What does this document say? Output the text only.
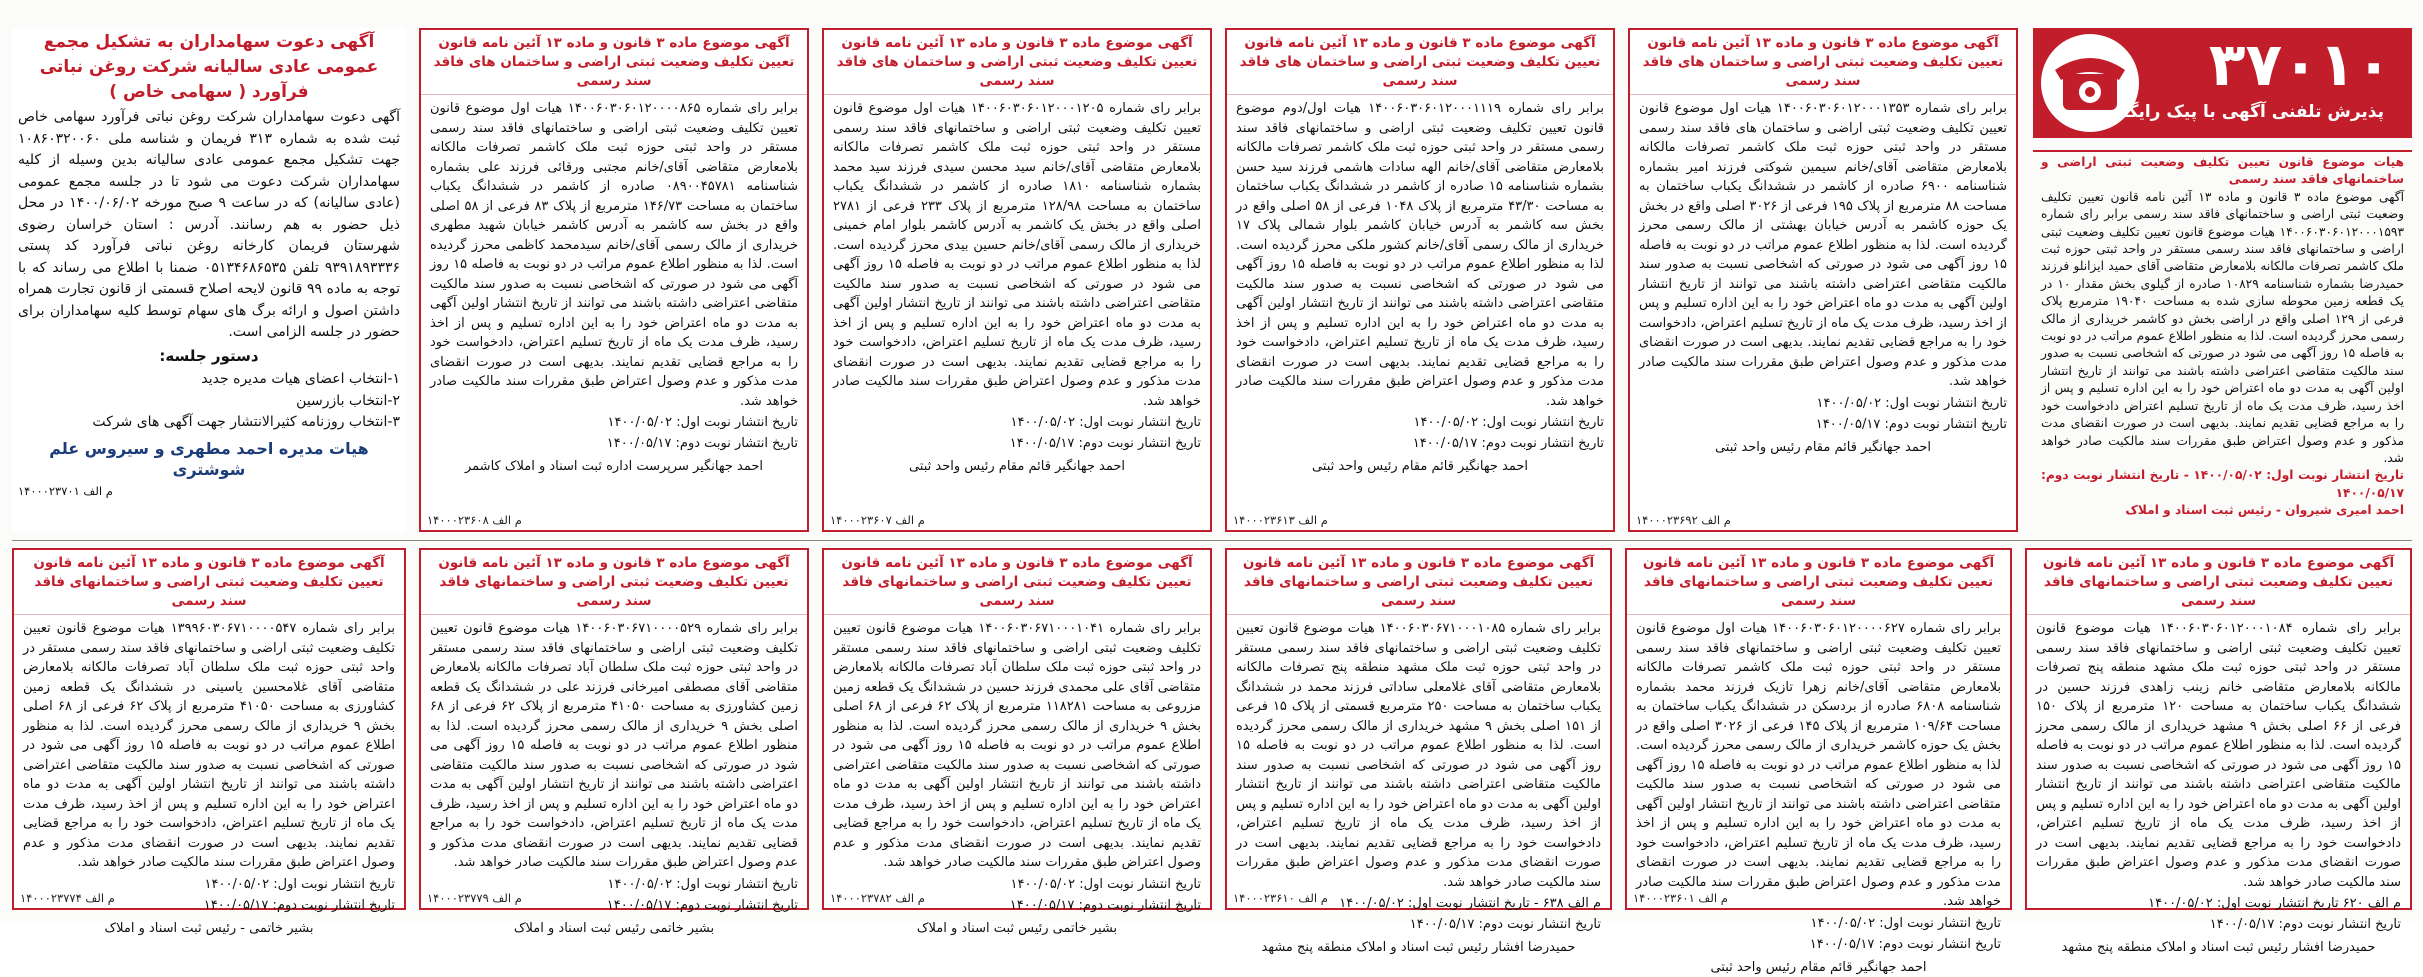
۳۷۰۱۰
پذیرش تلفنی آگهی با پیک رایگان

هیات موضوع قانون تعیین تکلیف وضعیت ثبتی اراضی و ساختمانهای فاقد سند رسمی

آگهی موضوع ماده ۳ قانون و ماده ۱۳ آئین نامه قانون تعیین تکلیف وضعیت ثبتی اراضی و ساختمانهای فاقد سند رسمی برابر رای شماره ۱۴۰۰۶۰۳۰۶۰۱۲۰۰۰۱۵۹۳ هیات موضوع قانون تعیین تکلیف وضعیت ثبتی اراضی و ساختمانهای فاقد سند رسمی مستقر در واحد ثبتی حوزه ثبت ملک کاشمر تصرفات مالکانه بلامعارض متقاضی آقای حمید ایزانلو فرزند حمیدرضا بشماره شناسنامه ۱۰۸۲۹ صادره از گیلوی بخش مقدار ۱۰ در یک قطعه زمین محوطه سازی شده به مساحت ۱۹۰۴۰ مترمربع پلاک فرعی از ۱۲۹ اصلی واقع در اراضی بخش دو کاشمر خریداری از مالک رسمی محرز گردیده است. لذا به منظور اطلاع عموم مراتب در دو نوبت به فاصله ۱۵ روز آگهی می شود در صورتی که اشخاصی نسبت به صدور سند مالکیت متقاضی اعتراضی داشته باشند می توانند از تاریخ انتشار اولین آگهی به مدت دو ماه اعتراض خود را به این اداره تسلیم و پس از اخذ رسید، ظرف مدت یک ماه از تاریخ تسلیم اعتراض دادخواست خود را به مراجع قضایی تقدیم نمایند. بدیهی است در صورت انقضای مدت مذکور و عدم وصول اعتراض طبق مقررات سند مالکیت صادر خواهد شد.

تاریخ انتشار نوبت اول: ۱۴۰۰/۰۵/۰۲ - تاریخ انتشار نوبت دوم: ۱۴۰۰/۰۵/۱۷

احمد امیری شیروان - رئیس ثبت اسناد و املاک

آگهی موضوع ماده ۳ قانون و ماده ۱۳ آئین نامه قانون تعیین تکلیف وضعیت ثبتی اراضی و ساختمان های فاقد سند رسمی
برابر رای شماره ۱۴۰۰۶۰۳۰۶۰۱۲۰۰۰۱۳۵۳ هیات اول موضوع قانون تعیین تکلیف وضعیت ثبتی اراضی و ساختمان های فاقد سند رسمی مستقر در واحد ثبتی حوزه ثبت ملک کاشمر تصرفات مالکانه بلامعارض متقاضی آقای/خانم سیمین شوکتی فرزند امیر بشماره شناسنامه ۶۹۰۰ صادره از کاشمر در ششدانگ یکباب ساختمان به مساحت ۸۸ مترمربع از پلاک ۱۹۵ فرعی از ۳۰۲۶ اصلی واقع در بخش یک حوزه کاشمر به آدرس خیابان بهشتی از مالک رسمی محرز گردیده است. لذا به منظور اطلاع عموم مراتب در دو نوبت به فاصله ۱۵ روز آگهی می شود در صورتی که اشخاصی نسبت به صدور سند مالکیت متقاضی اعتراضی داشته باشند می توانند از تاریخ انتشار اولین آگهی به مدت دو ماه اعتراض خود را به این اداره تسلیم و پس از اخذ رسید، ظرف مدت یک ماه از تاریخ تسلیم اعتراض، دادخواست خود را به مراجع قضایی تقدیم نمایند. بدیهی است در صورت انقضای مدت مذکور و عدم وصول اعتراض طبق مقررات سند مالکیت صادر خواهد شد.
تاریخ انتشار نوبت اول: ۱۴۰۰/۰۵/۰۲
تاریخ انتشار نوبت دوم: ۱۴۰۰/۰۵/۱۷
احمد جهانگیر قائم مقام رئیس واحد ثبتی
م الف ۱۴۰۰۰۲۳۶۹۲
آگهی موضوع ماده ۳ قانون و ماده ۱۳ آئین نامه قانون تعیین تکلیف وضعیت ثبتی اراضی و ساختمان های فاقد سند رسمی
برابر رای شماره ۱۴۰۰۶۰۳۰۶۰۱۲۰۰۰۱۱۱۹ هیات اول/دوم موضوع قانون تعیین تکلیف وضعیت ثبتی اراضی و ساختمانهای فاقد سند رسمی مستقر در واحد ثبتی حوزه ثبت ملک کاشمر تصرفات مالکانه بلامعارض متقاضی آقای/خانم الهه سادات هاشمی فرزند سید حسن بشماره شناسنامه ۱۵ صادره از کاشمر در ششدانگ یکباب ساختمان به مساحت ۴۳/۳۰ مترمربع از پلاک ۱۰۴۸ فرعی از ۵۸ اصلی واقع در بخش سه کاشمر به آدرس خیابان کاشمر بلوار شمالی پلاک ۱۷ خریداری از مالک رسمی آقای/خانم کشور ملکی محرز گردیده است. لذا به منظور اطلاع عموم مراتب در دو نوبت به فاصله ۱۵ روز آگهی می شود در صورتی که اشخاصی نسبت به صدور سند مالکیت متقاضی اعتراضی داشته باشند می توانند از تاریخ انتشار اولین آگهی به مدت دو ماه اعتراض خود را به این اداره تسلیم و پس از اخذ رسید، ظرف مدت یک ماه از تاریخ تسلیم اعتراض، دادخواست خود را به مراجع قضایی تقدیم نمایند. بدیهی است در صورت انقضای مدت مذکور و عدم وصول اعتراض طبق مقررات سند مالکیت صادر خواهد شد.
تاریخ انتشار نوبت اول: ۱۴۰۰/۰۵/۰۲
تاریخ انتشار نوبت دوم: ۱۴۰۰/۰۵/۱۷
احمد جهانگیر قائم مقام رئیس واحد ثبتی
م الف ۱۴۰۰۰۲۳۶۱۳
آگهی موضوع ماده ۳ قانون و ماده ۱۳ آئین نامه قانون تعیین تکلیف وضعیت ثبتی اراضی و ساختمان های فاقد سند رسمی
برابر رای شماره ۱۴۰۰۶۰۳۰۶۰۱۲۰۰۰۱۲۰۵ هیات اول موضوع قانون تعیین تکلیف وضعیت ثبتی اراضی و ساختمانهای فاقد سند رسمی مستقر در واحد ثبتی حوزه ثبت ملک کاشمر تصرفات مالکانه بلامعارض متقاضی آقای/خانم سید محسن سیدی فرزند سید محمد بشماره شناسنامه ۱۸۱۰ صادره از کاشمر در ششدانگ یکباب ساختمان به مساحت ۱۲۸/۹۸ مترمربع از پلاک ۲۳۳ فرعی از ۲۷۸۱ اصلی واقع در بخش یک کاشمر به آدرس کاشمر بلوار امام خمینی خریداری از مالک رسمی آقای/خانم حسین بیدی محرز گردیده است. لذا به منظور اطلاع عموم مراتب در دو نوبت به فاصله ۱۵ روز آگهی می شود در صورتی که اشخاصی نسبت به صدور سند مالکیت متقاضی اعتراضی داشته باشند می توانند از تاریخ انتشار اولین آگهی به مدت دو ماه اعتراض خود را به این اداره تسلیم و پس از اخذ رسید، ظرف مدت یک ماه از تاریخ تسلیم اعتراض، دادخواست خود را به مراجع قضایی تقدیم نمایند. بدیهی است در صورت انقضای مدت مذکور و عدم وصول اعتراض طبق مقررات سند مالکیت صادر خواهد شد.
تاریخ انتشار نوبت اول: ۱۴۰۰/۰۵/۰۲
تاریخ انتشار نوبت دوم: ۱۴۰۰/۰۵/۱۷
احمد جهانگیر قائم مقام رئیس واحد ثبتی
م الف ۱۴۰۰۰۲۳۶۰۷
آگهی موضوع ماده ۳ قانون و ماده ۱۳ آئین نامه قانون تعیین تکلیف وضعیت ثبتی اراضی و ساختمان های فاقد سند رسمی
برابر رای شماره ۱۴۰۰۶۰۳۰۶۰۱۲۰۰۰۰۸۶۵ هیات اول موضوع قانون تعیین تکلیف وضعیت ثبتی اراضی و ساختمانهای فاقد سند رسمی مستقر در واحد ثبتی حوزه ثبت ملک کاشمر تصرفات مالکانه بلامعارض متقاضی آقای/خانم مجتبی ورقائی فرزند علی بشماره شناسنامه ۰۸۹۰۰۴۵۷۸۱ صادره از کاشمر در ششدانگ یکباب ساختمان به مساحت ۱۴۶/۷۳ مترمربع از پلاک ۸۳ فرعی از ۵۸ اصلی واقع در بخش سه کاشمر به آدرس کاشمر خیابان شهید مطهری خریداری از مالک رسمی آقای/خانم سیدمحمد کاظمی محرز گردیده است. لذا به منظور اطلاع عموم مراتب در دو نوبت به فاصله ۱۵ روز آگهی می شود در صورتی که اشخاصی نسبت به صدور سند مالکیت متقاضی اعتراضی داشته باشند می توانند از تاریخ انتشار اولین آگهی به مدت دو ماه اعتراض خود را به این اداره تسلیم و پس از اخذ رسید، ظرف مدت یک ماه از تاریخ تسلیم اعتراض، دادخواست خود را به مراجع قضایی تقدیم نمایند. بدیهی است در صورت انقضای مدت مذکور و عدم وصول اعتراض طبق مقررات سند مالکیت صادر خواهد شد.
تاریخ انتشار نوبت اول: ۱۴۰۰/۰۵/۰۲
تاریخ انتشار نوبت دوم: ۱۴۰۰/۰۵/۱۷
احمد جهانگیر سرپرست اداره ثبت اسناد و املاک کاشمر
م الف ۱۴۰۰۰۲۳۶۰۸
آگهی دعوت سهامداران به تشکیل مجمع عمومی عادی سالیانه شرکت روغن نباتی فرآورد ( سهامی خاص )

آگهی دعوت سهامداران شرکت روغن نباتی فرآورد سهامی خاص ثبت شده به شماره ۳۱۳ فریمان و شناسه ملی ۱۰۸۶۰۳۲۰۰۶۰ جهت تشکیل مجمع عمومی عادی سالیانه بدین وسیله از کلیه سهامداران شرکت دعوت می شود تا در جلسه مجمع عمومی (عادی سالیانه) که در ساعت ۹ صبح مورخه ۱۴۰۰/۰۶/۰۲ در محل ذیل حضور به هم رسانند. آدرس : استان خراسان رضوی شهرستان فریمان کارخانه روغن نباتی فرآورد کد پستی ۹۳۹۱۸۹۳۳۳۶ تلفن ۰۵۱۳۴۶۸۶۵۳۵ ضمنا با اطلاع می رساند که با توجه به ماده ۹۹ قانون لایحه اصلاح قسمتی از قانون تجارت همراه داشتن اصول و ارائه برگ های سهام توسط کلیه سهامداران برای حضور در جلسه الزامی است.

دستور جلسه:

۱-انتخاب اعضای هیات مدیره جدید

۲-انتخاب بازرسین

۳-انتخاب روزنامه کثیرالانتشار جهت آگهی های شرکت

هیات مدیره احمد مطهری و سیروس علم شوشتری
م الف ۱۴۰۰۰۲۳۷۰۱
آگهی موضوع ماده ۳ قانون و ماده ۱۳ آئین نامه قانون تعیین تکلیف وضعیت ثبتی اراضی و ساختمانهای فاقد سند رسمی
برابر رای شماره ۱۴۰۰۶۰۳۰۶۰۱۲۰۰۰۱۰۸۴ هیات موضوع قانون تعیین تکلیف وضعیت ثبتی اراضی و ساختمانهای فاقد سند رسمی مستقر در واحد ثبتی حوزه ثبت ملک مشهد منطقه پنج تصرفات مالکانه بلامعارض متقاضی خانم زینب زاهدی فرزند حسین در ششدانگ یکباب ساختمان به مساحت ۱۲۰ مترمربع از پلاک ۱۵۰ فرعی از ۶۶ اصلی بخش ۹ مشهد خریداری از مالک رسمی محرز گردیده است. لذا به منظور اطلاع عموم مراتب در دو نوبت به فاصله ۱۵ روز آگهی می شود در صورتی که اشخاصی نسبت به صدور سند مالکیت متقاضی اعتراضی داشته باشند می توانند از تاریخ انتشار اولین آگهی به مدت دو ماه اعتراض خود را به این اداره تسلیم و پس از اخذ رسید، ظرف مدت یک ماه از تاریخ تسلیم اعتراض، دادخواست خود را به مراجع قضایی تقدیم نمایند. بدیهی است در صورت انقضای مدت مذکور و عدم وصول اعتراض طبق مقررات سند مالکیت صادر خواهد شد.
م الف ۶۲۰ تاریخ انتشار نوبت اول: ۱۴۰۰/۰۵/۰۲
تاریخ انتشار نوبت دوم: ۱۴۰۰/۰۵/۱۷
حمیدرضا افشار رئیس ثبت اسناد و املاک منطقه پنج مشهد
آگهی موضوع ماده ۳ قانون و ماده ۱۳ آئین نامه قانون تعیین تکلیف وضعیت ثبتی اراضی و ساختمانهای فاقد سند رسمی
برابر رای شماره ۱۴۰۰۶۰۳۰۶۰۱۲۰۰۰۰۶۲۷ هیات اول موضوع قانون تعیین تکلیف وضعیت ثبتی اراضی و ساختمانهای فاقد سند رسمی مستقر در واحد ثبتی حوزه ثبت ملک کاشمر تصرفات مالکانه بلامعارض متقاضی آقای/خانم زهرا تازیک فرزند محمد بشماره شناسنامه ۶۸۰۸ صادره از بردسکن در ششدانگ یکباب ساختمان به مساحت ۱۰۹/۶۴ مترمربع از پلاک ۱۴۵ فرعی از ۳۰۲۶ اصلی واقع در بخش یک حوزه کاشمر خریداری از مالک رسمی محرز گردیده است. لذا به منظور اطلاع عموم مراتب در دو نوبت به فاصله ۱۵ روز آگهی می شود در صورتی که اشخاصی نسبت به صدور سند مالکیت متقاضی اعتراضی داشته باشند می توانند از تاریخ انتشار اولین آگهی به مدت دو ماه اعتراض خود را به این اداره تسلیم و پس از اخذ رسید، ظرف مدت یک ماه از تاریخ تسلیم اعتراض، دادخواست خود را به مراجع قضایی تقدیم نمایند. بدیهی است در صورت انقضای مدت مذکور و عدم وصول اعتراض طبق مقررات سند مالکیت صادر خواهد شد.
تاریخ انتشار نوبت اول: ۱۴۰۰/۰۵/۰۲
تاریخ انتشار نوبت دوم: ۱۴۰۰/۰۵/۱۷
احمد جهانگیر قائم مقام رئیس واحد ثبتی
م الف ۱۴۰۰۰۲۳۶۰۱
آگهی موضوع ماده ۳ قانون و ماده ۱۳ آئین نامه قانون تعیین تکلیف وضعیت ثبتی اراضی و ساختمانهای فاقد سند رسمی
برابر رای شماره ۱۴۰۰۶۰۳۰۶۷۱۰۰۰۱۰۸۵ هیات موضوع قانون تعیین تکلیف وضعیت ثبتی اراضی و ساختمانهای فاقد سند رسمی مستقر در واحد ثبتی حوزه ثبت ملک مشهد منطقه پنج تصرفات مالکانه بلامعارض متقاضی آقای غلامعلی ساداتی فرزند محمد در ششدانگ یکباب ساختمان به مساحت ۲۵۰ مترمربع قسمتی از پلاک ۱۵ فرعی از ۱۵۱ اصلی بخش ۹ مشهد خریداری از مالک رسمی محرز گردیده است. لذا به منظور اطلاع عموم مراتب در دو نوبت به فاصله ۱۵ روز آگهی می شود در صورتی که اشخاصی نسبت به صدور سند مالکیت متقاضی اعتراضی داشته باشند می توانند از تاریخ انتشار اولین آگهی به مدت دو ماه اعتراض خود را به این اداره تسلیم و پس از اخذ رسید، ظرف مدت یک ماه از تاریخ تسلیم اعتراض، دادخواست خود را به مراجع قضایی تقدیم نمایند. بدیهی است در صورت انقضای مدت مذکور و عدم وصول اعتراض طبق مقررات سند مالکیت صادر خواهد شد.
م الف ۶۳۸ - تاریخ انتشار نوبت اول: ۱۴۰۰/۰۵/۰۲
تاریخ انتشار نوبت دوم: ۱۴۰۰/۰۵/۱۷
حمیدرضا افشار رئیس ثبت اسناد و املاک منطقه پنج مشهد
م الف ۱۴۰۰۰۲۳۶۱۰
آگهی موضوع ماده ۳ قانون و ماده ۱۳ آئین نامه قانون تعیین تکلیف وضعیت ثبتی اراضی و ساختمانهای فاقد سند رسمی
برابر رای شماره ۱۴۰۰۶۰۳۰۶۷۱۰۰۰۱۰۴۱ هیات موضوع قانون تعیین تکلیف وضعیت ثبتی اراضی و ساختمانهای فاقد سند رسمی مستقر در واحد ثبتی حوزه ثبت ملک سلطان آباد تصرفات مالکانه بلامعارض متقاضی آقای علی محمدی فرزند حسین در ششدانگ یک قطعه زمین مزروعی به مساحت ۱۱۸۲۸۱ مترمربع از پلاک ۶۲ فرعی از ۶۸ اصلی بخش ۹ خریداری از مالک رسمی محرز گردیده است. لذا به منظور اطلاع عموم مراتب در دو نوبت به فاصله ۱۵ روز آگهی می شود در صورتی که اشخاصی نسبت به صدور سند مالکیت متقاضی اعتراضی داشته باشند می توانند از تاریخ انتشار اولین آگهی به مدت دو ماه اعتراض خود را به این اداره تسلیم و پس از اخذ رسید، ظرف مدت یک ماه از تاریخ تسلیم اعتراض، دادخواست خود را به مراجع قضایی تقدیم نمایند. بدیهی است در صورت انقضای مدت مذکور و عدم وصول اعتراض طبق مقررات سند مالکیت صادر خواهد شد.
تاریخ انتشار نوبت اول: ۱۴۰۰/۰۵/۰۲
تاریخ انتشار نوبت دوم: ۱۴۰۰/۰۵/۱۷
بشیر خاتمی رئیس ثبت اسناد و املاک
م الف ۱۴۰۰۰۲۳۷۸۲
آگهی موضوع ماده ۳ قانون و ماده ۱۳ آئین نامه قانون تعیین تکلیف وضعیت ثبتی اراضی و ساختمانهای فاقد سند رسمی
برابر رای شماره ۱۴۰۰۶۰۳۰۶۷۱۰۰۰۰۵۲۹ هیات موضوع قانون تعیین تکلیف وضعیت ثبتی اراضی و ساختمانهای فاقد سند رسمی مستقر در واحد ثبتی حوزه ثبت ملک سلطان آباد تصرفات مالکانه بلامعارض متقاضی آقای مصطفی امیرخانی فرزند علی در ششدانگ یک قطعه زمین کشاورزی به مساحت ۴۱۰۵۰ مترمربع از پلاک ۶۲ فرعی از ۶۸ اصلی بخش ۹ خریداری از مالک رسمی محرز گردیده است. لذا به منظور اطلاع عموم مراتب در دو نوبت به فاصله ۱۵ روز آگهی می شود در صورتی که اشخاصی نسبت به صدور سند مالکیت متقاضی اعتراضی داشته باشند می توانند از تاریخ انتشار اولین آگهی به مدت دو ماه اعتراض خود را به این اداره تسلیم و پس از اخذ رسید، ظرف مدت یک ماه از تاریخ تسلیم اعتراض، دادخواست خود را به مراجع قضایی تقدیم نمایند. بدیهی است در صورت انقضای مدت مذکور و عدم وصول اعتراض طبق مقررات سند مالکیت صادر خواهد شد.
تاریخ انتشار نوبت اول: ۱۴۰۰/۰۵/۰۲
تاریخ انتشار نوبت دوم: ۱۴۰۰/۰۵/۱۷
بشیر خاتمی رئیس ثبت اسناد و املاک
م الف ۱۴۰۰۰۲۳۷۷۹
آگهی موضوع ماده ۳ قانون و ماده ۱۳ آئین نامه قانون تعیین تکلیف وضعیت ثبتی اراضی و ساختمانهای فاقد سند رسمی
برابر رای شماره ۱۳۹۹۶۰۳۰۶۷۱۰۰۰۰۵۴۷ هیات موضوع قانون تعیین تکلیف وضعیت ثبتی اراضی و ساختمانهای فاقد سند رسمی مستقر در واحد ثبتی حوزه ثبت ملک سلطان آباد تصرفات مالکانه بلامعارض متقاضی آقای غلامحسین یاسینی در ششدانگ یک قطعه زمین کشاورزی به مساحت ۴۱۰۵۰ مترمربع از پلاک ۶۲ فرعی از ۶۸ اصلی بخش ۹ خریداری از مالک رسمی محرز گردیده است. لذا به منظور اطلاع عموم مراتب در دو نوبت به فاصله ۱۵ روز آگهی می شود در صورتی که اشخاصی نسبت به صدور سند مالکیت متقاضی اعتراضی داشته باشند می توانند از تاریخ انتشار اولین آگهی به مدت دو ماه اعتراض خود را به این اداره تسلیم و پس از اخذ رسید، ظرف مدت یک ماه از تاریخ تسلیم اعتراض، دادخواست خود را به مراجع قضایی تقدیم نمایند. بدیهی است در صورت انقضای مدت مذکور و عدم وصول اعتراض طبق مقررات سند مالکیت صادر خواهد شد.
تاریخ انتشار نوبت اول: ۱۴۰۰/۰۵/۰۲
تاریخ انتشار نوبت دوم: ۱۴۰۰/۰۵/۱۷
بشیر خاتمی - رئیس ثبت اسناد و املاک
م الف ۱۴۰۰۰۲۳۷۷۴
